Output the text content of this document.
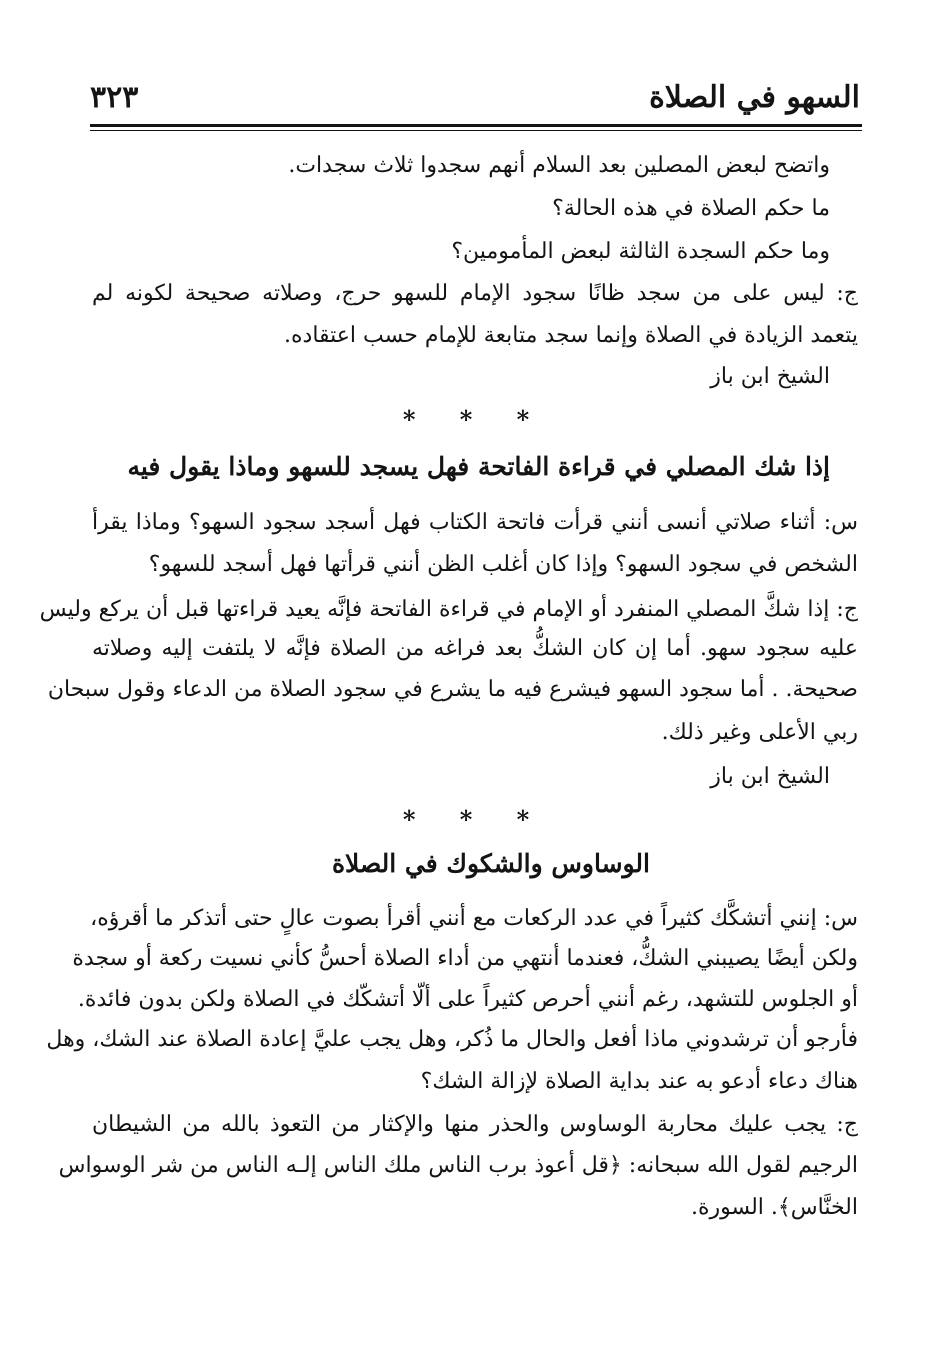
السهو في الصلاة
٣٢٣
واتضح لبعض المصلين بعد السلام أنهم سجدوا ثلاث سجدات.
ما حكم الصلاة في هذه الحالة؟
وما حكم السجدة الثالثة لبعض المأمومين؟
ج: ليس على من سجد ظانًا سجود الإمام للسهو حرج، وصلاته صحيحة لكونه لم
يتعمد الزيادة في الصلاة وإنما سجد متابعة للإمام حسب اعتقاده.
الشيخ ابن باز
* * *
إذا شك المصلي في قراءة الفاتحة فهل يسجد للسهو وماذا يقول فيه
س: أثناء صلاتي أنسى أنني قرأت فاتحة الكتاب فهل أسجد سجود السهو؟ وماذا يقرأ
الشخص في سجود السهو؟ وإذا كان أغلب الظن أنني قرأتها فهل أسجد للسهو؟
ج: إذا شكَّ المصلي المنفرد أو الإمام في قراءة الفاتحة فإنَّه يعيد قراءتها قبل أن يركع وليس
عليه سجود سهو. أما إن كان الشكُّ بعد فراغه من الصلاة فإنَّه لا يلتفت إليه وصلاته
صحيحة. . أما سجود السهو فيشرع فيه ما يشرع في سجود الصلاة من الدعاء وقول سبحان
ربي الأعلى وغير ذلك.
الشيخ ابن باز
* * *
الوساوس والشكوك في الصلاة
س: إنني أتشكَّك كثيراً في عدد الركعات مع أنني أقرأ بصوت عالٍ حتى أتذكر ما أقرؤه،
ولكن أيضًا يصيبني الشكُّ، فعندما أنتهي من أداء الصلاة أحسُّ كأني نسيت ركعة أو سجدة
أو الجلوس للتشهد، رغم أنني أحرص كثيراً على ألّا أتشكّك في الصلاة ولكن بدون فائدة.
فأرجو أن ترشدوني ماذا أفعل والحال ما ذُكر، وهل يجب عليَّ إعادة الصلاة عند الشك، وهل
هناك دعاء أدعو به عند بداية الصلاة لإزالة الشك؟
ج: يجب عليك محاربة الوساوس والحذر منها والإكثار من التعوذ بالله من الشيطان
الرجيم لقول الله سبحانه: ﴿قل أعوذ برب الناس ملك الناس إلـه الناس من شر الوسواس
الخنَّاس﴾. السورة.
